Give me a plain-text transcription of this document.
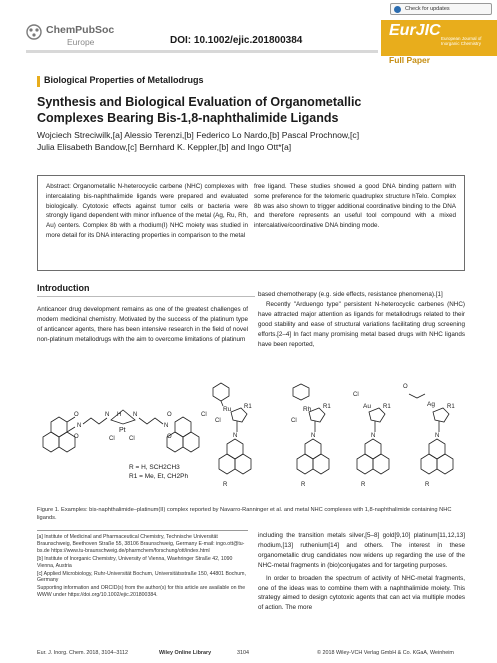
Check for updates
ChemPubSoc
Europe	DOI: 10.1002/ejic.201800384
EurJIC European Journal of Inorganic Chemistry
Full Paper
Biological Properties of Metallodrugs
Synthesis and Biological Evaluation of Organometallic
Complexes Bearing Bis-1,8-naphthalimide Ligands
Wojciech Streciwilk,[a] Alessio Terenzi,[b] Federico Lo Nardo,[b] Pascal Prochnow,[c]
Julia Elisabeth Bandow,[c] Bernhard K. Keppler,[b] and Ingo Ott*[a]
Abstract: Organometallic N-heterocyclic carbene (NHC) complexes with intercalating bis-naphthalimide ligands were prepared and evaluated biologically. Cytotoxic effects against tumor cells or bacteria were strongly ligand dependent with minor influence of the metal (Ag, Ru, Rh, Au) centers. Complex 8b with a rhodium(I) NHC moiety was studied in more detail for its DNA interacting properties in comparison to the metal
free ligand. These studies showed a good DNA binding pattern with some preference for the telomeric quadruplex structure hTelo. Complex 8b was also shown to trigger additional coordinative binding to the DNA and therefore represents an useful tool compound with a mixed intercalative/coordinative DNA binding mode.
Introduction
Anticancer drug development remains as one of the greatest challenges of modern medicinal chemistry. Motivated by the success of the platinum type of anticancer agents, there has been intensive research in the field of novel non-platinum metallodrugs with the aim to overcome limitations of platinum
based chemotherapy (e.g. side effects, resistance phenomena).[1]
Recently "Arduengo type" persistent N-heterocyclic carbenes (NHC) have attracted major attention as ligands for metallodrugs related to their good stability and ease of structural variations facilitating drug screening efforts.[2–4] In fact many promising metal based drugs with NHC ligands have been reported,
O
N
O
N H N
Pt
Cl Cl
N
O
O
Ru
Cl
Cl
R1
N
R
Rh
Cl
R1
N
R
Cl
Au R1
N
R
O
Ag R1
N
R
R = H, SCH2CH3
R1 = Me, Et, CH2Ph
Figure 1. Examples: bis-naphthalimide–platinum(II) complex reported by Navarro-Ranninger et al. and metal NHC complexes with 1,8-naphthalimide containing NHC ligands.
[a] Institute of Medicinal and Pharmaceutical Chemistry, Technische Universität Braunschweig, Beethoven Straße 55, 38106 Braunschweig, Germany E-mail: ingo.ott@tu-bs.de https://www.tu-braunschweig.de/pharmchem/forschung/ott/index.html
[b] Institute of Inorganic Chemistry, University of Vienna, Waehringer Straße 42, 1090 Vienna, Austria
[c] Applied Microbiology, Ruhr-Universität Bochum, Universitätsstraße 150, 44801 Bochum, Germany
Supporting information and ORCID(s) from the author(s) for this article are available on the WWW under https://doi.org/10.1002/ejic.201800384.
including the transition metals silver,[5–8] gold[9,10] platinum[11,12,13] rhodium,[13] ruthenium[14] and others. The interest in these organometallic drug candidates now widens up regarding the use of the NHC-metal fragments in (bio)conjugates and for targeting purposes.
In order to broaden the spectrum of activity of NHC-metal fragments, one of the ideas was to combine them with a naphthalimide moiety. This strategy aimed to design cytotoxic agents that can act via multiple modes of action. The more
Eur. J. Inorg. Chem. 2018, 3104–3112	Wiley Online Library	3104	© 2018 Wiley-VCH Verlag GmbH & Co. KGaA, Weinheim
